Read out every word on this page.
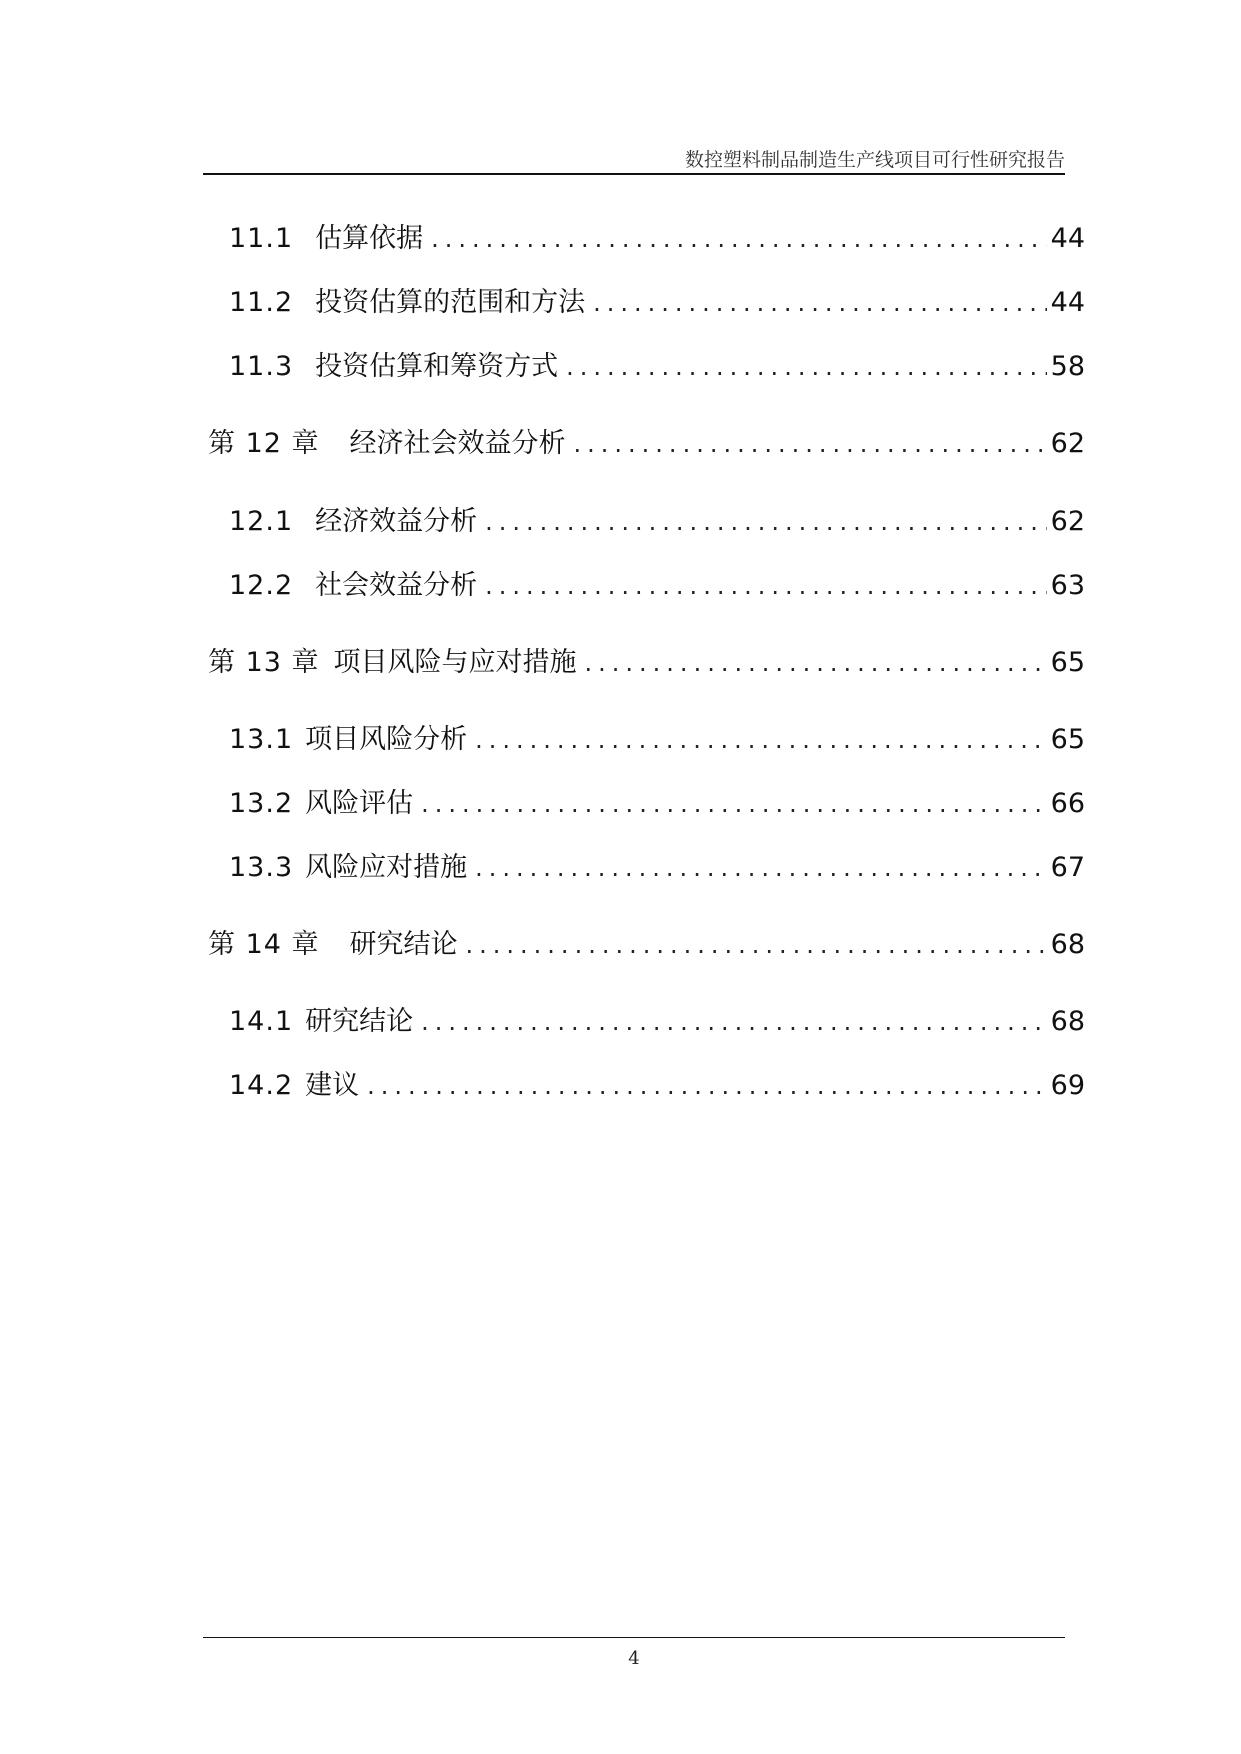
数控塑料制品制造生产线项目可行性研究报告
11.1 估算依据 .....	44
11.2 投资估算的范围和方法 .....	44
11.3 投资估算和筹资方式 .....	58
第 12 章 经济社会效益分析 .....	62
12.1 经济效益分析 .....	62
12.2 社会效益分析 .....	63
第 13 章 项目风险与应对措施 .....	65
13.1 项目风险分析 .....	65
13.2 风险评估 .....	66
13.3 风险应对措施 .....	67
第 14 章 研究结论 .....	68
14.1 研究结论 .....	68
14.2 建议 .....	69
4
